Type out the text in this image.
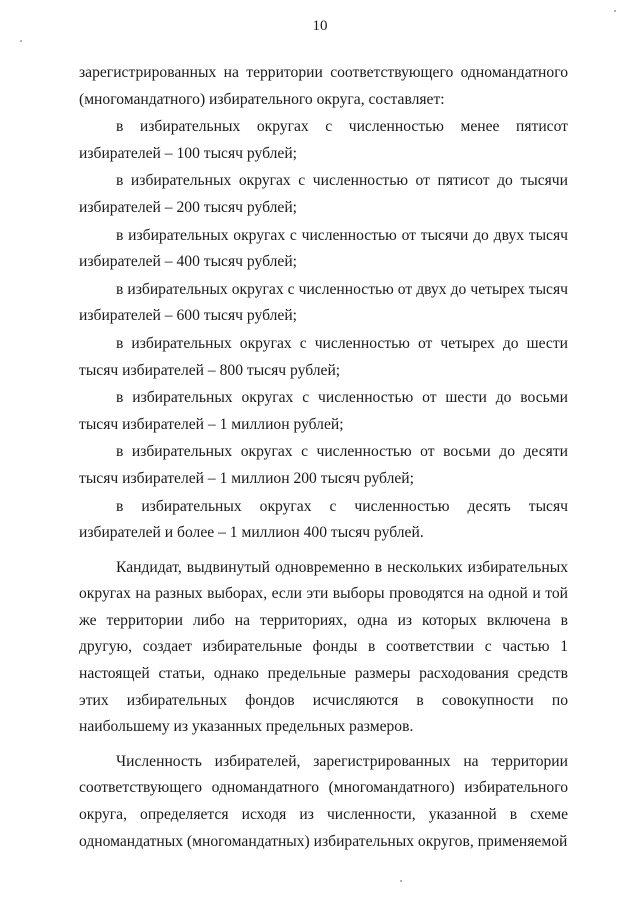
10

зарегистрированных на территории соответствующего одномандатного (многомандатного) избирательного округа, составляет:

в избирательных округах с численностью менее пятисот избирателей – 100 тысяч рублей;

в избирательных округах с численностью от пятисот до тысячи избирателей – 200 тысяч рублей;

в избирательных округах с численностью от тысячи до двух тысяч избирателей – 400 тысяч рублей;

в избирательных округах с численностью от двух до четырех тысяч избирателей – 600 тысяч рублей;

в избирательных округах с численностью от четырех до шести тысяч избирателей – 800 тысяч рублей;

в избирательных округах с численностью от шести до восьми тысяч избирателей – 1 миллион рублей;

в избирательных округах с численностью от восьми до десяти тысяч избирателей – 1 миллион 200 тысяч рублей;

в избирательных округах с численностью десять тысяч избирателей и более – 1 миллион 400 тысяч рублей.

Кандидат, выдвинутый одновременно в нескольких избирательных округах на разных выборах, если эти выборы проводятся на одной и той же территории либо на территориях, одна из которых включена в другую, создает избирательные фонды в соответствии с частью 1 настоящей статьи, однако предельные размеры расходования средств этих избирательных фондов исчисляются в совокупности по наибольшему из указанных предельных размеров.

Численность избирателей, зарегистрированных на территории соответствующего одномандатного (многомандатного) избирательного округа, определяется исходя из численности, указанной в схеме одномандатных (многомандатных) избирательных округов, применяемой
